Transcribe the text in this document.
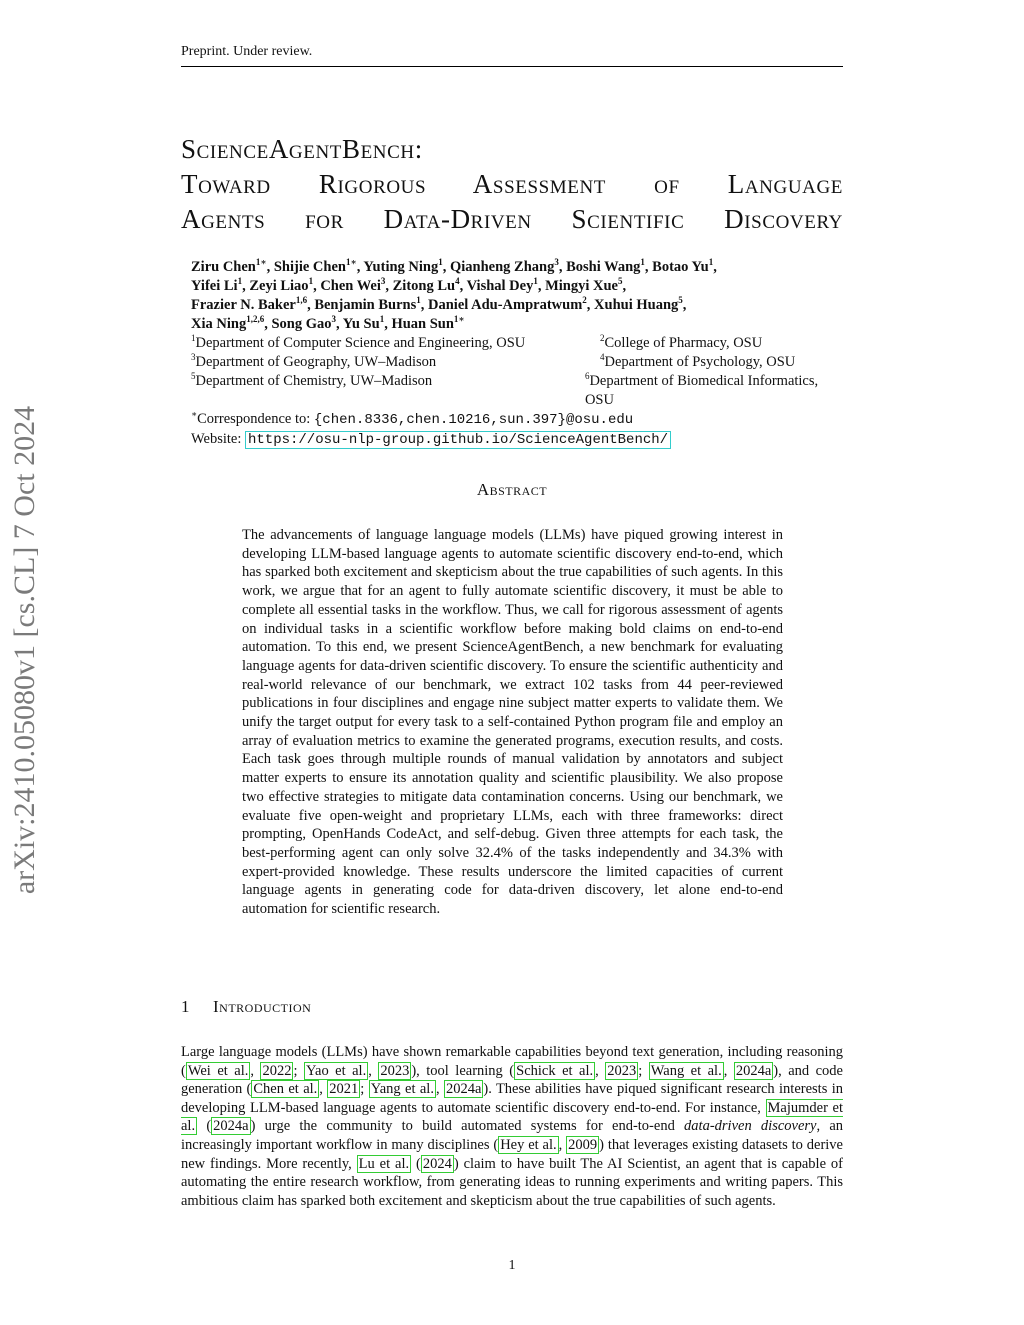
Preprint. Under review.
arXiv:2410.05080v1 [cs.CL] 7 Oct 2024
ScienceAgentBench:
Toward Rigorous Assessment of Language
Agents for Data-Driven Scientific Discovery
Ziru Chen$^{1∗}$, Shijie Chen$^{1∗}$, Yuting Ning$^1$, Qianheng Zhang$^3$, Boshi Wang$^1$, Botao Yu$^1$,
Yifei Li$^1$, Zeyi Liao$^1$, Chen Wei$^3$, Zitong Lu$^4$, Vishal Dey$^1$, Mingyi Xue$^5$,
Frazier N. Baker$^{1,6}$, Benjamin Burns$^1$, Daniel Adu-Ampratwum$^2$, Xuhui Huang$^5$,
Xia Ning$^{1,2,6}$, Song Gao$^3$, Yu Su$^1$, Huan Sun$^{1∗}$
$^1$Department of Computer Science and Engineering, OSU	$^2$College of Pharmacy, OSU
$^3$Department of Geography, UW–Madison	$^4$Department of Psychology, OSU
$^5$Department of Chemistry, UW–Madison	$^6$Department of Biomedical Informatics, OSU
∗Correspondence to: {chen.8336,chen.10216,sun.397}@osu.edu
Website: https://osu-nlp-group.github.io/ScienceAgentBench/
Abstract
The advancements of language language models (LLMs) have piqued growing interest in developing LLM-based language agents to automate scientific discovery end-to-end, which has sparked both excitement and skepticism about the true capabilities of such agents. In this work, we argue that for an agent to fully automate scientific discovery, it must be able to complete all essential tasks in the workflow. Thus, we call for rigorous assessment of agents on individual tasks in a scientific workflow before making bold claims on end-to-end automation. To this end, we present ScienceAgentBench, a new benchmark for evaluating language agents for data-driven scientific discovery. To ensure the scientific authenticity and real-world relevance of our benchmark, we extract 102 tasks from 44 peer-reviewed publications in four disciplines and engage nine subject matter experts to validate them. We unify the target output for every task to a self-contained Python program file and employ an array of evaluation metrics to examine the generated programs, execution results, and costs. Each task goes through multiple rounds of manual validation by annotators and subject matter experts to ensure its annotation quality and scientific plausibility. We also propose two effective strategies to mitigate data contamination concerns. Using our benchmark, we evaluate five open-weight and proprietary LLMs, each with three frameworks: direct prompting, OpenHands CodeAct, and self-debug. Given three attempts for each task, the best-performing agent can only solve 32.4% of the tasks independently and 34.3% with expert-provided knowledge. These results underscore the limited capacities of current language agents in generating code for data-driven discovery, let alone end-to-end automation for scientific research.
1 Introduction
Large language models (LLMs) have shown remarkable capabilities beyond text generation, including reasoning ( Wei et al. , 2022 ; Yao et al. , 2023 ), tool learning ( Schick et al. , 2023 ; Wang et al. , 2024a ), and code generation ( Chen et al. , 2021 ; Yang et al. , 2024a ). These abilities have piqued significant research interests in developing LLM-based language agents to automate scientific discovery end-to-end. For instance, Majumder et al. ( 2024a ) urge the community to build automated systems for end-to-end data-driven discovery, an increasingly important workflow in many disciplines ( Hey et al. , 2009 ) that leverages existing datasets to derive new findings. More recently, Lu et al. ( 2024 ) claim to have built The AI Scientist, an agent that is capable of automating the entire research workflow, from generating ideas to running experiments and writing papers. This ambitious claim has sparked both excitement and skepticism about the true capabilities of such agents.
1
